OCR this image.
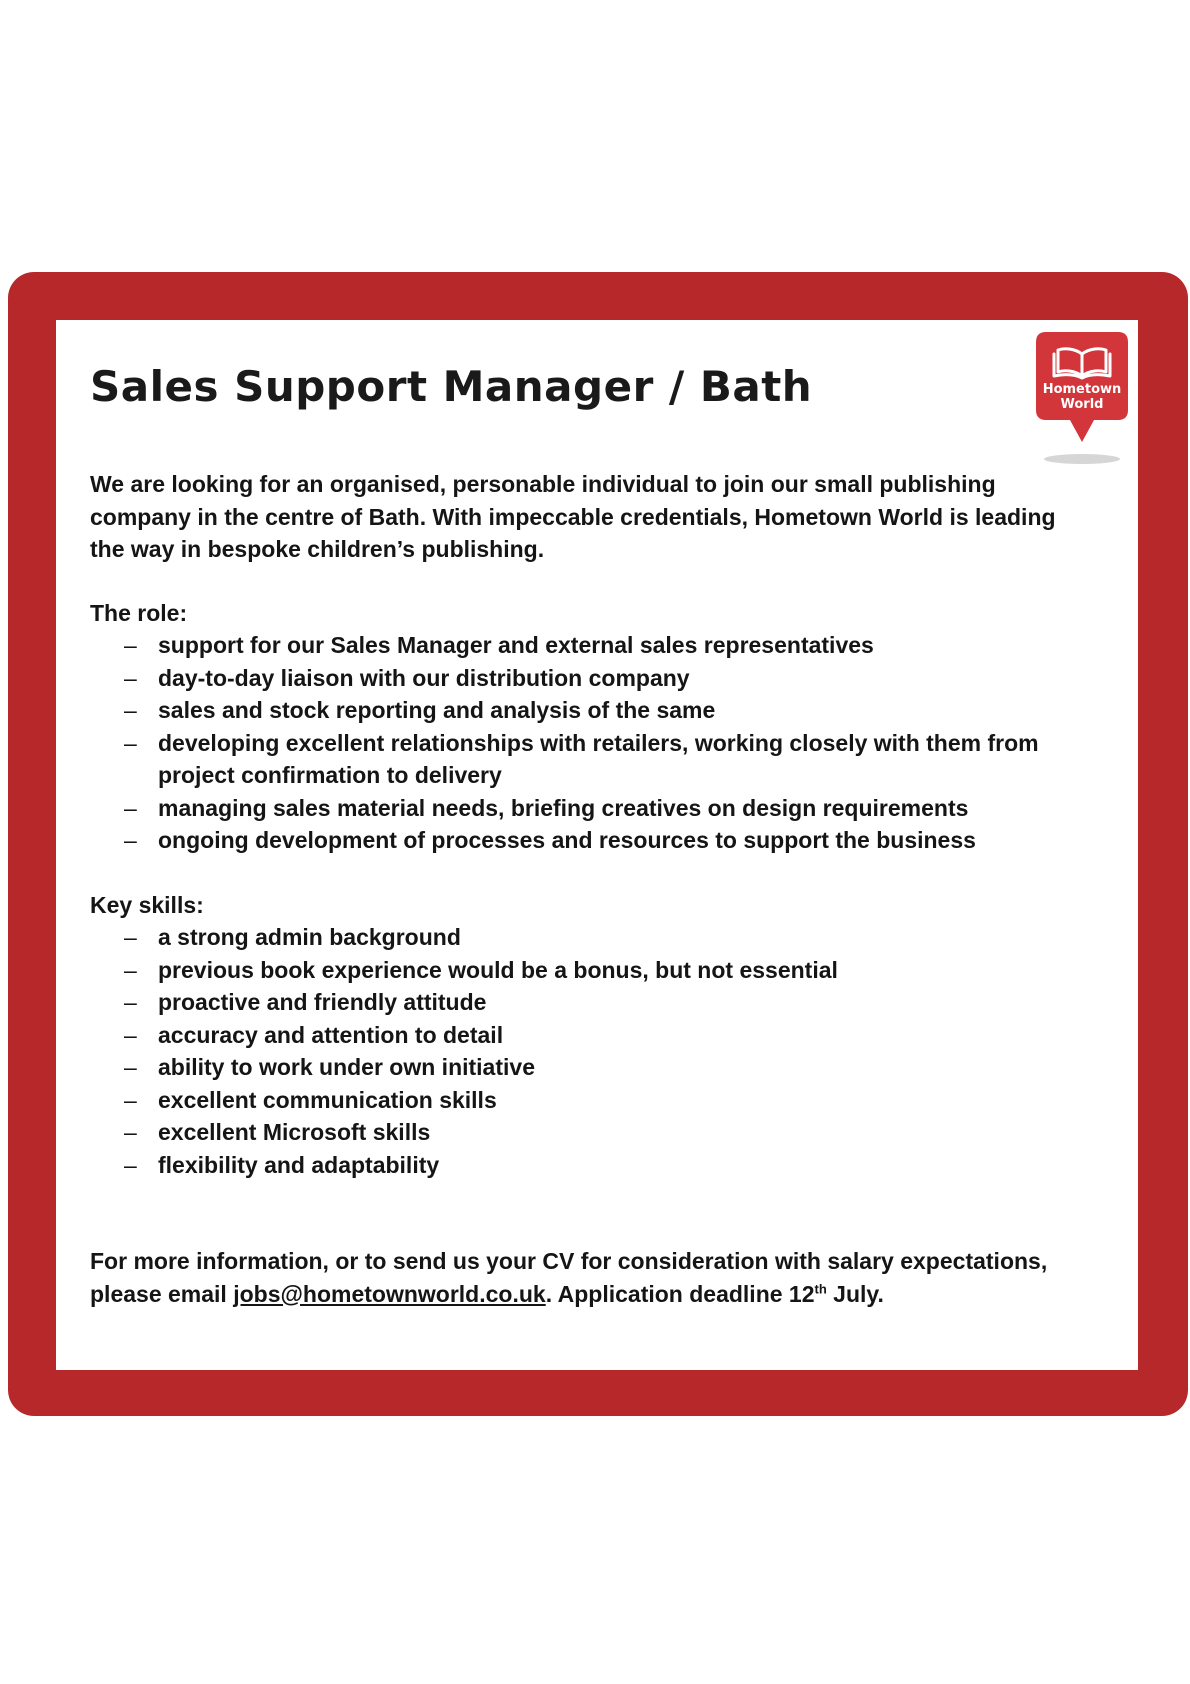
Sales Support Manager / Bath	Hometown
World

We are looking for an organised, personable individual to join our small publishing company in the centre of Bath. With impeccable credentials, Hometown World is leading the way in bespoke children’s publishing.

The role:

– support for our Sales Manager and external sales representatives
– day-to-day liaison with our distribution company
– sales and stock reporting and analysis of the same
– developing excellent relationships with retailers, working closely with them from project confirmation to delivery
– managing sales material needs, briefing creatives on design requirements
– ongoing development of processes and resources to support the business

Key skills:

– a strong admin background
– previous book experience would be a bonus, but not essential
– proactive and friendly attitude
– accuracy and attention to detail
– ability to work under own initiative
– excellent communication skills
– excellent Microsoft skills
– flexibility and adaptability

For more information, or to send us your CV for consideration with salary expectations,

please email jobs@hometownworld.co.uk. Application deadline 12th July.
